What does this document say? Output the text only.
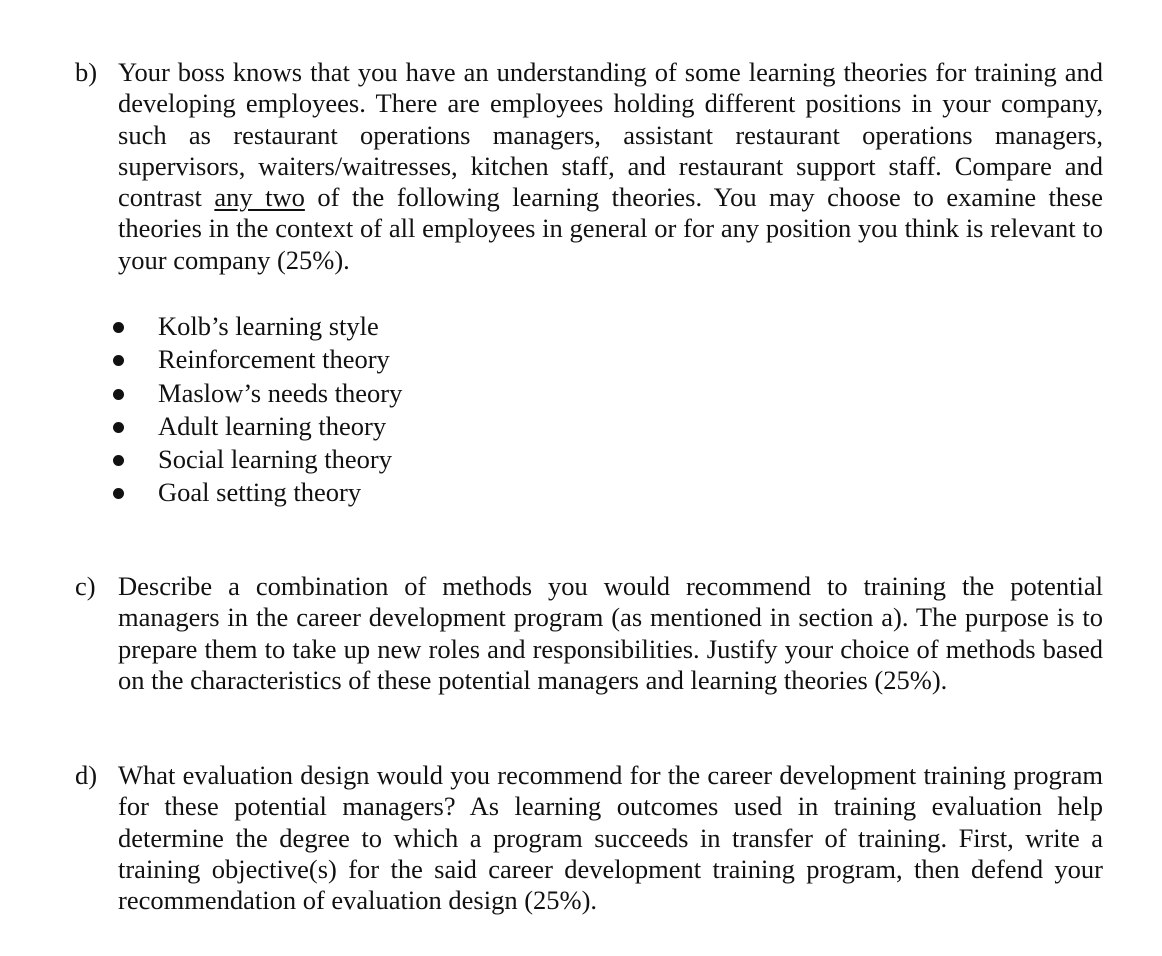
b) Your boss knows that you have an understanding of some learning theories for training and developing employees. There are employees holding different positions in your company, such as restaurant operations managers, assistant restaurant operations managers, supervisors, waiters/waitresses, kitchen staff, and restaurant support staff. Compare and contrast any two of the following learning theories. You may choose to examine these theories in the context of all employees in general or for any position you think is relevant to your company (25%).
Kolb’s learning style
Reinforcement theory
Maslow’s needs theory
Adult learning theory
Social learning theory
Goal setting theory
c) Describe a combination of methods you would recommend to training the potential managers in the career development program (as mentioned in section a). The purpose is to prepare them to take up new roles and responsibilities. Justify your choice of methods based on the characteristics of these potential managers and learning theories (25%).
d) What evaluation design would you recommend for the career development training program for these potential managers? As learning outcomes used in training evaluation help determine the degree to which a program succeeds in transfer of training. First, write a training objective(s) for the said career development training program, then defend your recommendation of evaluation design (25%).
